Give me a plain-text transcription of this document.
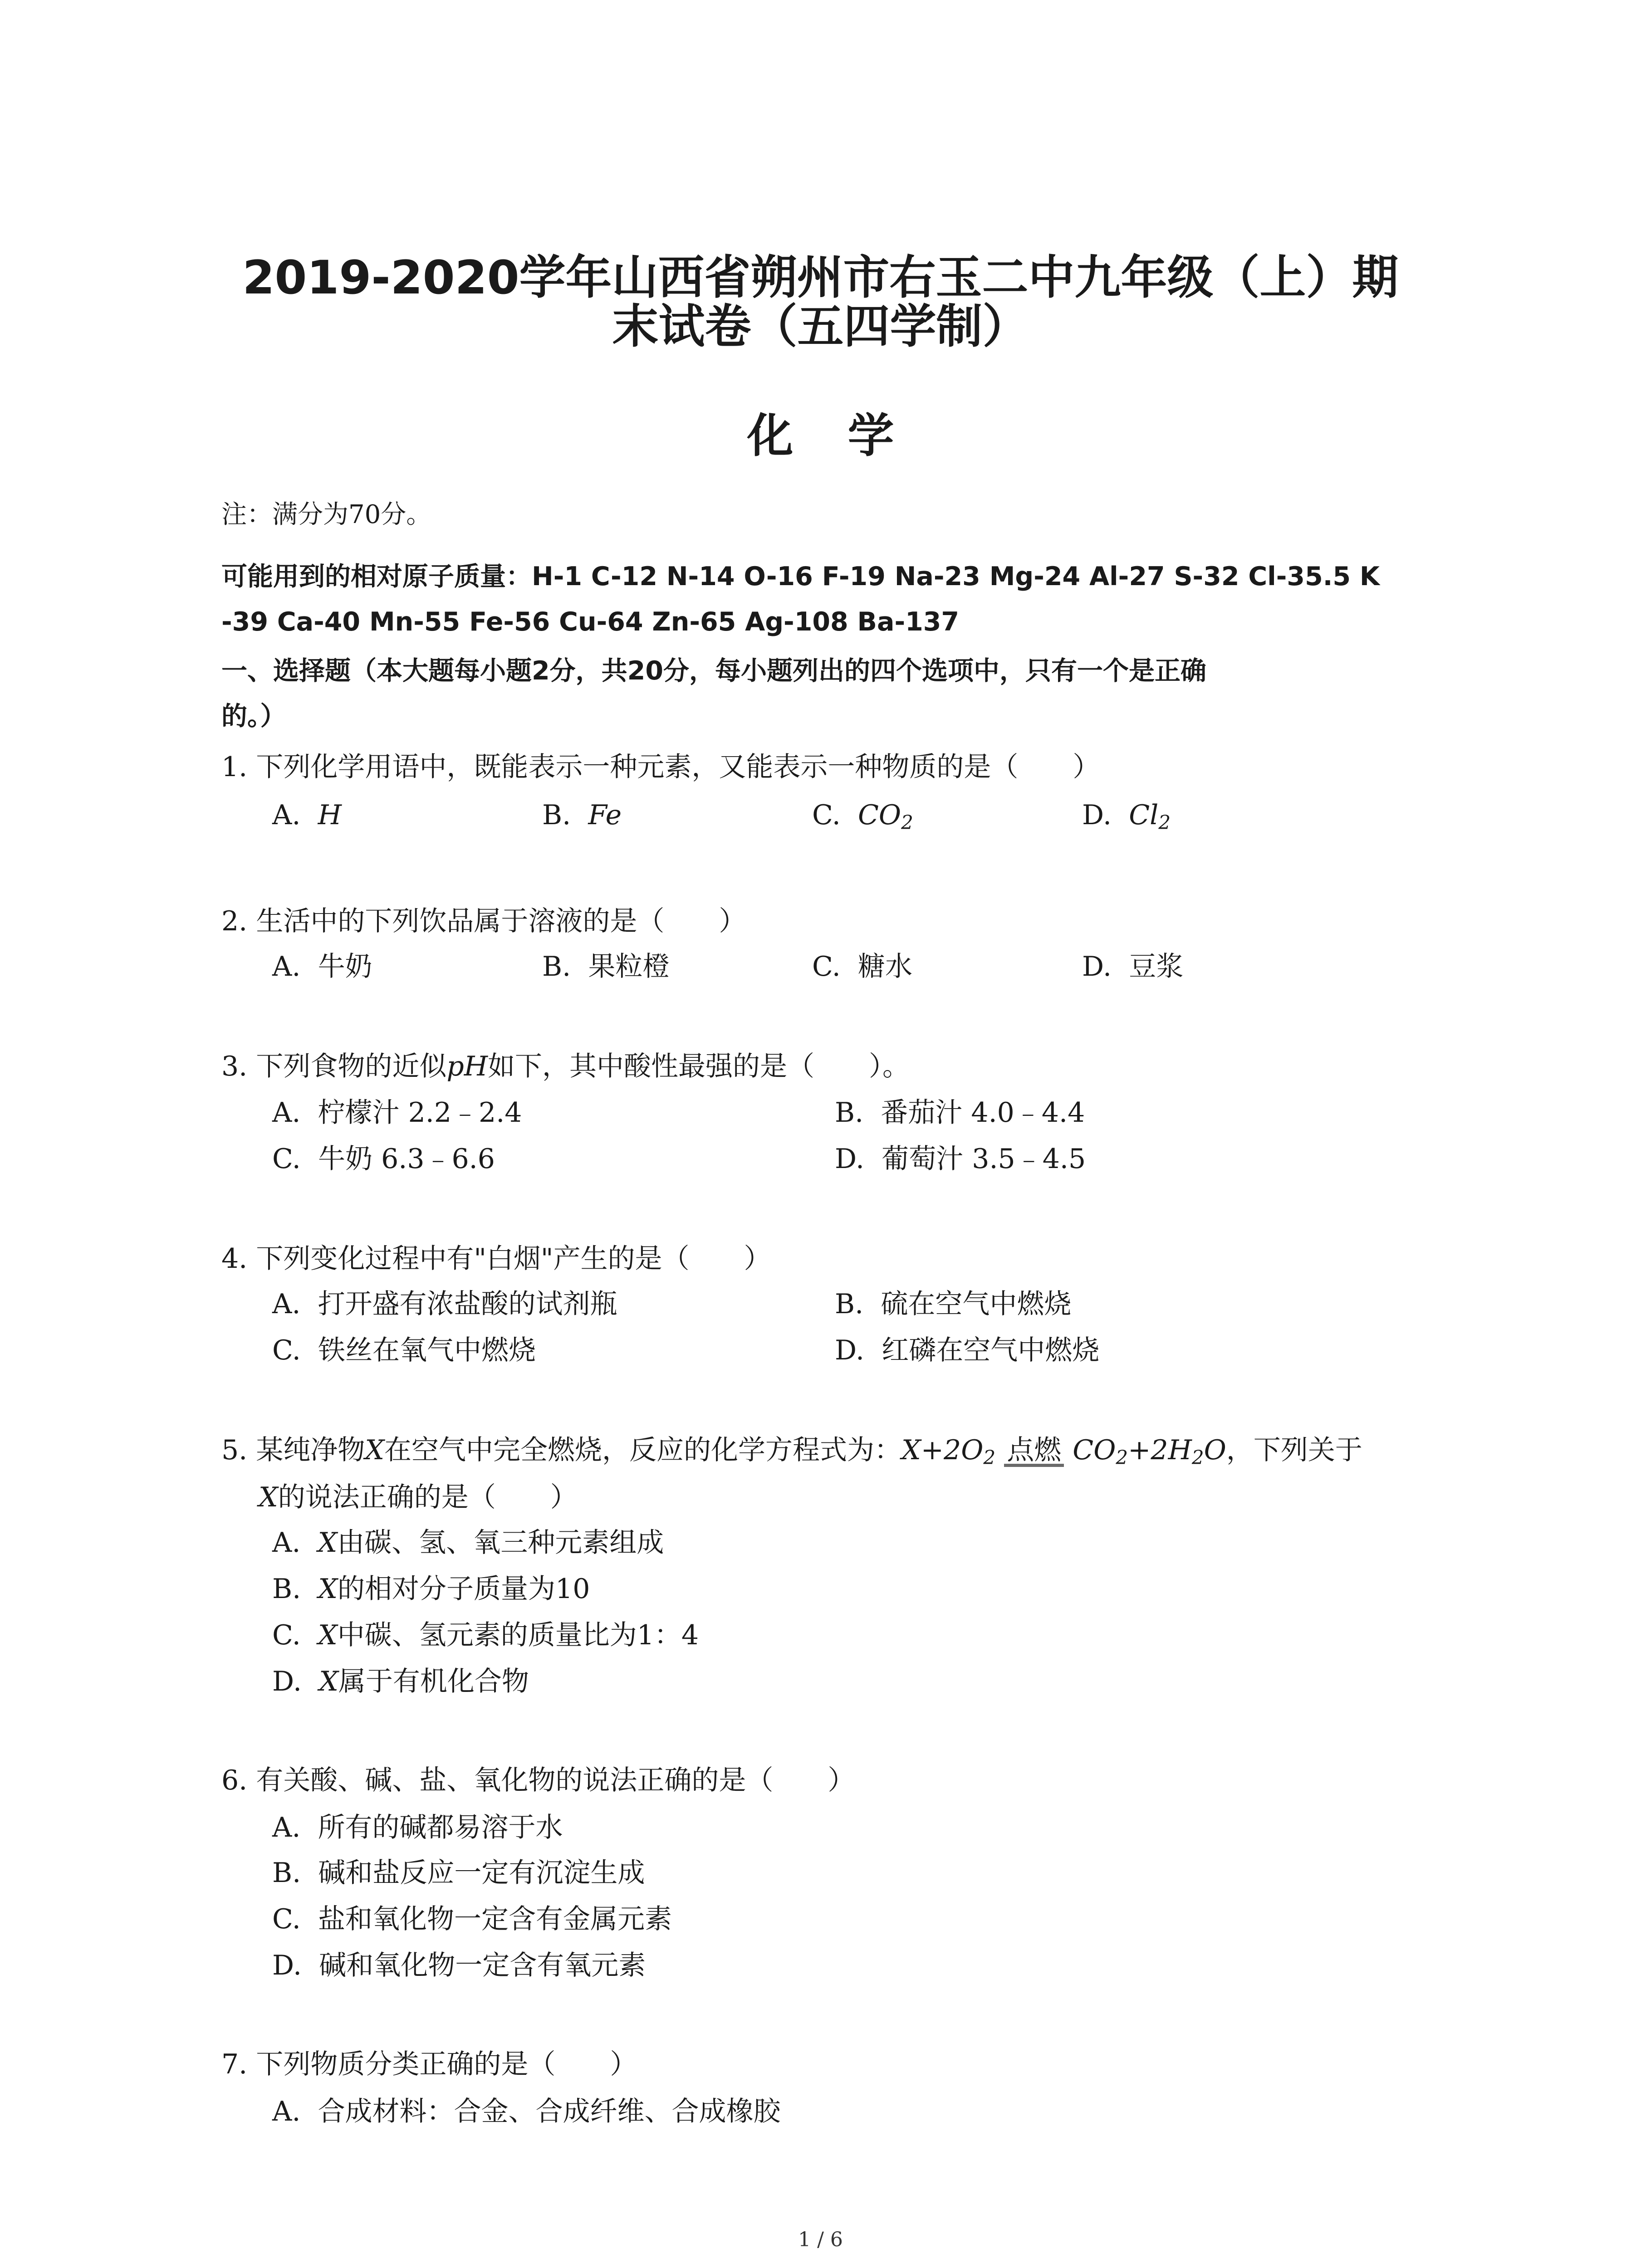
2019-2020学年山西省朔州市右玉二中九年级（上）期
末试卷（五四学制）
化学
注：满分为70分。
可能用到的相对原子质量：H-1 C-12 N-14 O-16 F-19 Na-23 Mg-24 Al-27 S-32 Cl-35.5 K
-39 Ca-40 Mn-55 Fe-56 Cu-64 Zn-65 Ag-108 Ba-137
一、选择题（本大题每小题2分，共20分，每小题列出的四个选项中，只有一个是正确
的。）
1. 下列化学用语中，既能表示一种元素，又能表示一种物质的是（　　）
A. H	B. Fe	C. $CO_2$	D. $Cl_2$
2. 生活中的下列饮品属于溶液的是（　　）
A. 牛奶	B. 果粒橙	C. 糖水	D. 豆浆
3. 下列食物的近似pH如下，其中酸性最强的是（　　）。
A. 柠檬汁 2.2﹣2.4	B. 番茄汁 4.0﹣4.4
C. 牛奶 6.3﹣6.6	D. 葡萄汁 3.5﹣4.5
4. 下列变化过程中有"白烟"产生的是（　　）
A. 打开盛有浓盐酸的试剂瓶	B. 硫在空气中燃烧
C. 铁丝在氧气中燃烧	D. 红磷在空气中燃烧
5. 某纯净物X在空气中完全燃烧，反应的化学方程式为：$X+2O_2$ 点燃 $CO_2+2H_2O$，下列关于
X的说法正确的是（　　）
A. X由碳、氢、氧三种元素组成
B. X的相对分子质量为10
C. X中碳、氢元素的质量比为1：4
D. X属于有机化合物
6. 有关酸、碱、盐、氧化物的说法正确的是（　　）
A. 所有的碱都易溶于水
B. 碱和盐反应一定有沉淀生成
C. 盐和氧化物一定含有金属元素
D. 碱和氧化物一定含有氧元素
7. 下列物质分类正确的是（　　）
A. 合成材料：合金、合成纤维、合成橡胶
1 / 6
